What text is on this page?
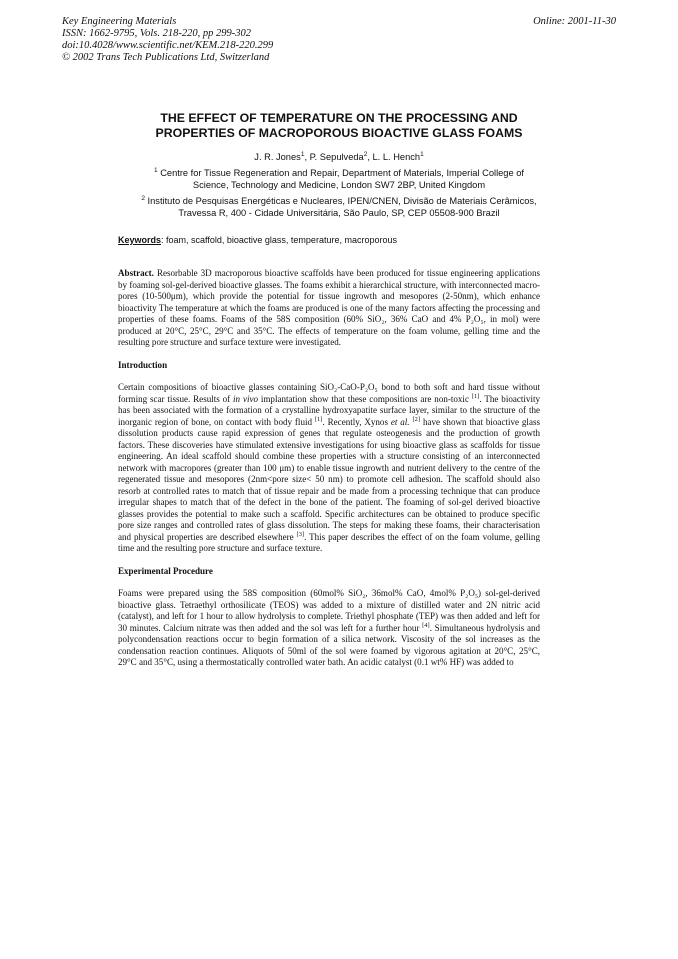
Key Engineering Materials
ISSN: 1662-9795, Vols. 218-220, pp 299-302
doi:10.4028/www.scientific.net/KEM.218-220.299
© 2002 Trans Tech Publications Ltd, Switzerland
Online: 2001-11-30
THE EFFECT OF TEMPERATURE ON THE PROCESSING AND
PROPERTIES OF MACROPOROUS BIOACTIVE GLASS FOAMS
J. R. Jones$^1$, P. Sepulveda$^2$, L. L. Hench$^1$
$^1$ Centre for Tissue Regeneration and Repair, Department of Materials, Imperial College of
Science, Technology and Medicine, London SW7 2BP, United Kingdom
$^2$ Instituto de Pesquisas Energéticas e Nucleares, IPEN/CNEN, Divisão de Materiais Cerâmicos,
Travessa R, 400 - Cidade Universitária, São Paulo, SP, CEP 05508-900 Brazil
Keywords: foam, scaffold, bioactive glass, temperature, macroporous

Abstract. Resorbable 3D macroporous bioactive scaffolds have been produced for tissue engineering applications by foaming sol-gel-derived bioactive glasses. The foams exhibit a hierarchical structure, with interconnected macro-pores (10-500μm), which provide the potential for tissue ingrowth and mesopores (2-50nm), which enhance bioactivity The temperature at which the foams are produced is one of the many factors affecting the processing and properties of these foams. Foams of the 58S composition (60% SiO₂, 36% CaO and 4% P₂O₅, in mol) were produced at 20°C, 25°C, 29°C and 35°C. The effects of temperature on the foam volume, gelling time and the resulting pore structure and surface texture were investigated.

Introduction

Certain compositions of bioactive glasses containing SiO₂-CaO-P₂O₅ bond to both soft and hard tissue without forming scar tissue. Results of in vivo implantation show that these compositions are non-toxic [1]. The bioactivity has been associated with the formation of a crystalline hydroxyapatite surface layer, similar to the structure of the inorganic region of bone, on contact with body fluid [1]. Recently, Xynos et al. [2] have shown that bioactive glass dissolution products cause rapid expression of genes that regulate osteogenesis and the production of growth factors. These discoveries have stimulated extensive investigations for using bioactive glass as scaffolds for tissue engineering. An ideal scaffold should combine these properties with a structure consisting of an interconnected network with macropores (greater than 100 μm) to enable tissue ingrowth and nutrient delivery to the centre of the regenerated tissue and mesopores (2nm<pore size< 50 nm) to promote cell adhesion. The scaffold should also resorb at controlled rates to match that of tissue repair and be made from a processing technique that can produce irregular shapes to match that of the defect in the bone of the patient. The foaming of sol-gel derived bioactive glasses provides the potential to make such a scaffold. Specific architectures can be obtained to produce specific pore size ranges and controlled rates of glass dissolution. The steps for making these foams, their characterisation and physical properties are described elsewhere [3]. This paper describes the effect of on the foam volume, gelling time and the resulting pore structure and surface texture.

Experimental Procedure

Foams were prepared using the 58S composition (60mol% SiO₂, 36mol% CaO, 4mol% P₂O₅) sol-gel-derived bioactive glass. Tetraethyl orthosilicate (TEOS) was added to a mixture of distilled water and 2N nitric acid (catalyst), and left for 1 hour to allow hydrolysis to complete. Triethyl phosphate (TEP) was then added and left for 30 minutes. Calcium nitrate was then added and the sol was left for a further hour [4]. Simultaneous hydrolysis and polycondensation reactions occur to begin formation of a silica network. Viscosity of the sol increases as the condensation reaction continues. Aliquots of 50ml of the sol were foamed by vigorous agitation at 20°C, 25°C, 29°C and 35°C, using a thermostatically controlled water bath. An acidic catalyst (0.1 wt% HF) was added to
